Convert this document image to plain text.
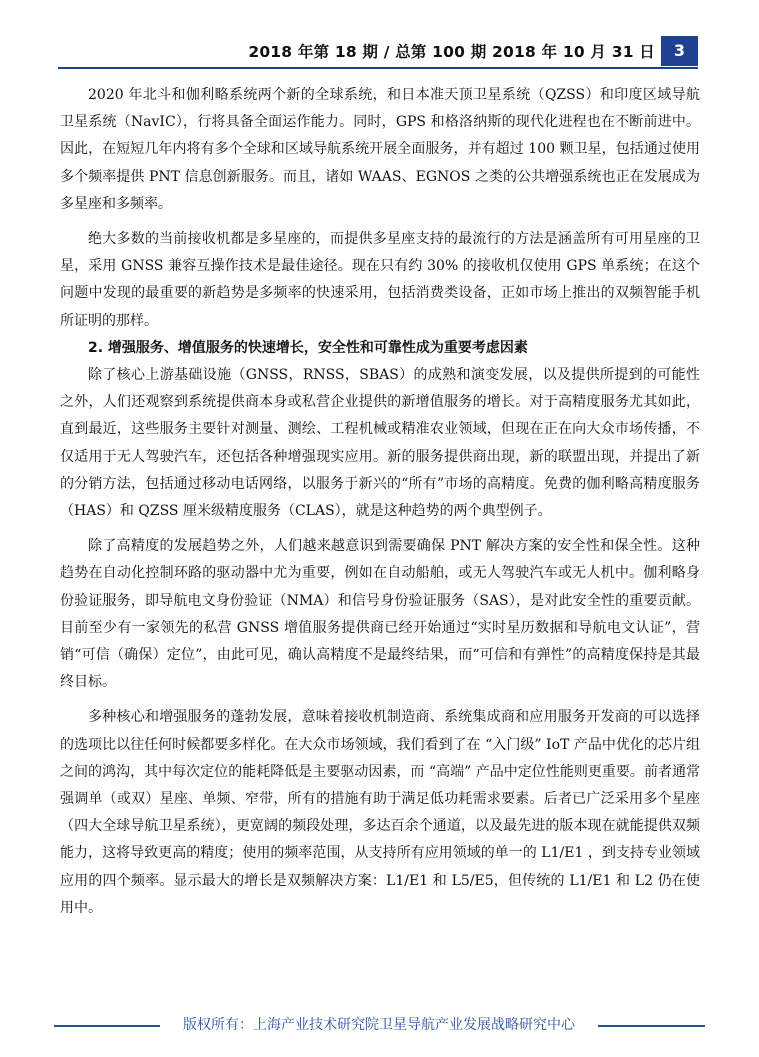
2018 年第 18 期 / 总第 100 期 2018 年 10 月 31 日	3

2020 年北斗和伽利略系统两个新的全球系统，和日本准天顶卫星系统（QZSS）和印度区域导航卫星系统（NavIC），行将具备全面运作能力。同时，GPS 和格洛纳斯的现代化进程也在不断前进中。因此，在短短几年内将有多个全球和区域导航系统开展全面服务，并有超过 100 颗卫星，包括通过使用多个频率提供 PNT 信息创新服务。而且，诸如 WAAS、EGNOS 之类的公共增强系统也正在发展成为多星座和多频率。

绝大多数的当前接收机都是多星座的，而提供多星座支持的最流行的方法是涵盖所有可用星座的卫星，采用 GNSS 兼容互操作技术是最佳途径。现在只有约 30% 的接收机仅使用 GPS 单系统；在这个问题中发现的最重要的新趋势是多频率的快速采用，包括消费类设备，正如市场上推出的双频智能手机所证明的那样。

2. 增强服务、增值服务的快速增长，安全性和可靠性成为重要考虑因素

除了核心上游基础设施（GNSS，RNSS，SBAS）的成熟和演变发展，以及提供所提到的可能性之外，人们还观察到系统提供商本身或私营企业提供的新增值服务的增长。对于高精度服务尤其如此，直到最近，这些服务主要针对测量、测绘、工程机械或精准农业领域，但现在正在向大众市场传播，不仅适用于无人驾驶汽车，还包括各种增强现实应用。新的服务提供商出现，新的联盟出现，并提出了新的分销方法，包括通过移动电话网络，以服务于新兴的“所有”市场的高精度。免费的伽利略高精度服务（HAS）和 QZSS 厘米级精度服务（CLAS），就是这种趋势的两个典型例子。

除了高精度的发展趋势之外，人们越来越意识到需要确保 PNT 解决方案的安全性和保全性。这种趋势在自动化控制环路的驱动器中尤为重要，例如在自动船舶，或无人驾驶汽车或无人机中。伽利略身份验证服务，即导航电文身份验证（NMA）和信号身份验证服务（SAS），是对此安全性的重要贡献。目前至少有一家领先的私营 GNSS 增值服务提供商已经开始通过“实时星历数据和导航电文认证”，营销“可信（确保）定位”，由此可见，确认高精度不是最终结果，而“可信和有弹性”的高精度保持是其最终目标。

多种核心和增强服务的蓬勃发展，意味着接收机制造商、系统集成商和应用服务开发商的可以选择的选项比以往任何时候都要多样化。在大众市场领域，我们看到了在 “入门级” IoT 产品中优化的芯片组之间的鸿沟，其中每次定位的能耗降低是主要驱动因素，而 “高端” 产品中定位性能则更重要。前者通常强调单（或双）星座、单频、窄带，所有的措施有助于满足低功耗需求要素。后者已广泛采用多个星座（四大全球导航卫星系统），更宽阔的频段处理，多达百余个通道，以及最先进的版本现在就能提供双频能力，这将导致更高的精度；使用的频率范围，从支持所有应用领域的单一的 L1/E1 ，到支持专业领域应用的四个频率。显示最大的增长是双频解决方案：L1/E1 和 L5/E5，但传统的 L1/E1 和 L2 仍在使用中。

版权所有：上海产业技术研究院卫星导航产业发展战略研究中心
